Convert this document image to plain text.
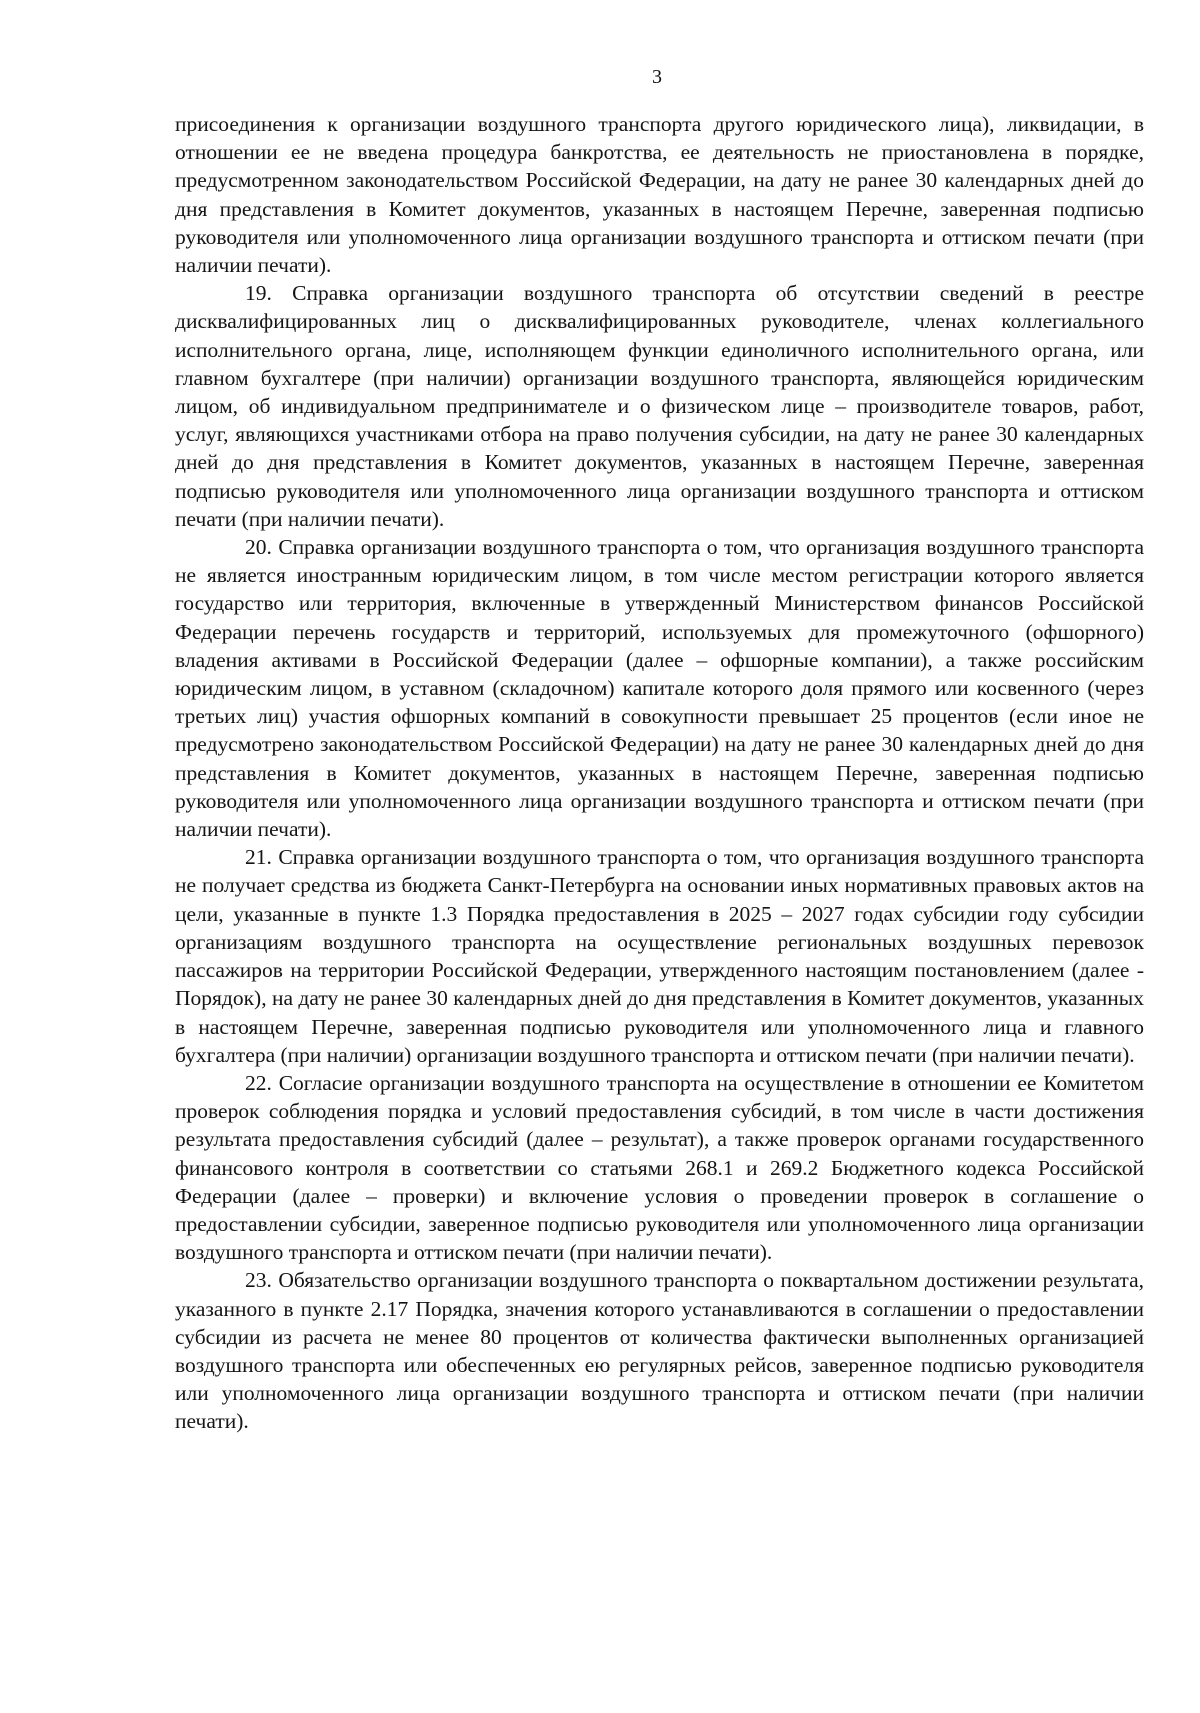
3

присоединения к организации воздушного транспорта другого юридического лица), ликвидации, в отношении ее не введена процедура банкротства, ее деятельность не приостановлена в порядке, предусмотренном законодательством Российской Федерации, на дату не ранее 30 календарных дней до дня представления в Комитет документов, указанных в настоящем Перечне, заверенная подписью руководителя или уполномоченного лица организации воздушного транспорта и оттиском печати (при наличии печати).

19. Справка организации воздушного транспорта об отсутствии сведений в реестре дисквалифицированных лиц о дисквалифицированных руководителе, членах коллегиального исполнительного органа, лице, исполняющем функции единоличного исполнительного органа, или главном бухгалтере (при наличии) организации воздушного транспорта, являющейся юридическим лицом, об индивидуальном предпринимателе и о физическом лице – производителе товаров, работ, услуг, являющихся участниками отбора на право получения субсидии, на дату не ранее 30 календарных дней до дня представления в Комитет документов, указанных в настоящем Перечне, заверенная подписью руководителя или уполномоченного лица организации воздушного транспорта и оттиском печати (при наличии печати).

20. Справка организации воздушного транспорта о том, что организация воздушного транспорта не является иностранным юридическим лицом, в том числе местом регистрации которого является государство или территория, включенные в утвержденный Министерством финансов Российской Федерации перечень государств и территорий, используемых для промежуточного (офшорного) владения активами в Российской Федерации (далее – офшорные компании), а также российским юридическим лицом, в уставном (складочном) капитале которого доля прямого или косвенного (через третьих лиц) участия офшорных компаний в совокупности превышает 25 процентов (если иное не предусмотрено законодательством Российской Федерации) на дату не ранее 30 календарных дней до дня представления в Комитет документов, указанных в настоящем Перечне, заверенная подписью руководителя или уполномоченного лица организации воздушного транспорта и оттиском печати (при наличии печати).

21. Справка организации воздушного транспорта о том, что организация воздушного транспорта не получает средства из бюджета Санкт-Петербурга на основании иных нормативных правовых актов на цели, указанные в пункте 1.3 Порядка предоставления в 2025 – 2027 годах субсидии году субсидии организациям воздушного транспорта на осуществление региональных воздушных перевозок пассажиров на территории Российской Федерации, утвержденного настоящим постановлением (далее - Порядок), на дату не ранее 30 календарных дней до дня представления в Комитет документов, указанных в настоящем Перечне, заверенная подписью руководителя или уполномоченного лица и главного бухгалтера (при наличии) организации воздушного транспорта и оттиском печати (при наличии печати).

22. Согласие организации воздушного транспорта на осуществление в отношении ее Комитетом проверок соблюдения порядка и условий предоставления субсидий, в том числе в части достижения результата предоставления субсидий (далее – результат), а также проверок органами государственного финансового контроля в соответствии со статьями 268.1 и 269.2 Бюджетного кодекса Российской Федерации (далее – проверки) и включение условия о проведении проверок в соглашение о предоставлении субсидии, заверенное подписью руководителя или уполномоченного лица организации воздушного транспорта и оттиском печати (при наличии печати).

23. Обязательство организации воздушного транспорта о поквартальном достижении результата, указанного в пункте 2.17 Порядка, значения которого устанавливаются в соглашении о предоставлении субсидии из расчета не менее 80 процентов от количества фактически выполненных организацией воздушного транспорта или обеспеченных ею регулярных рейсов, заверенное подписью руководителя или уполномоченного лица организации воздушного транспорта и оттиском печати (при наличии печати).
